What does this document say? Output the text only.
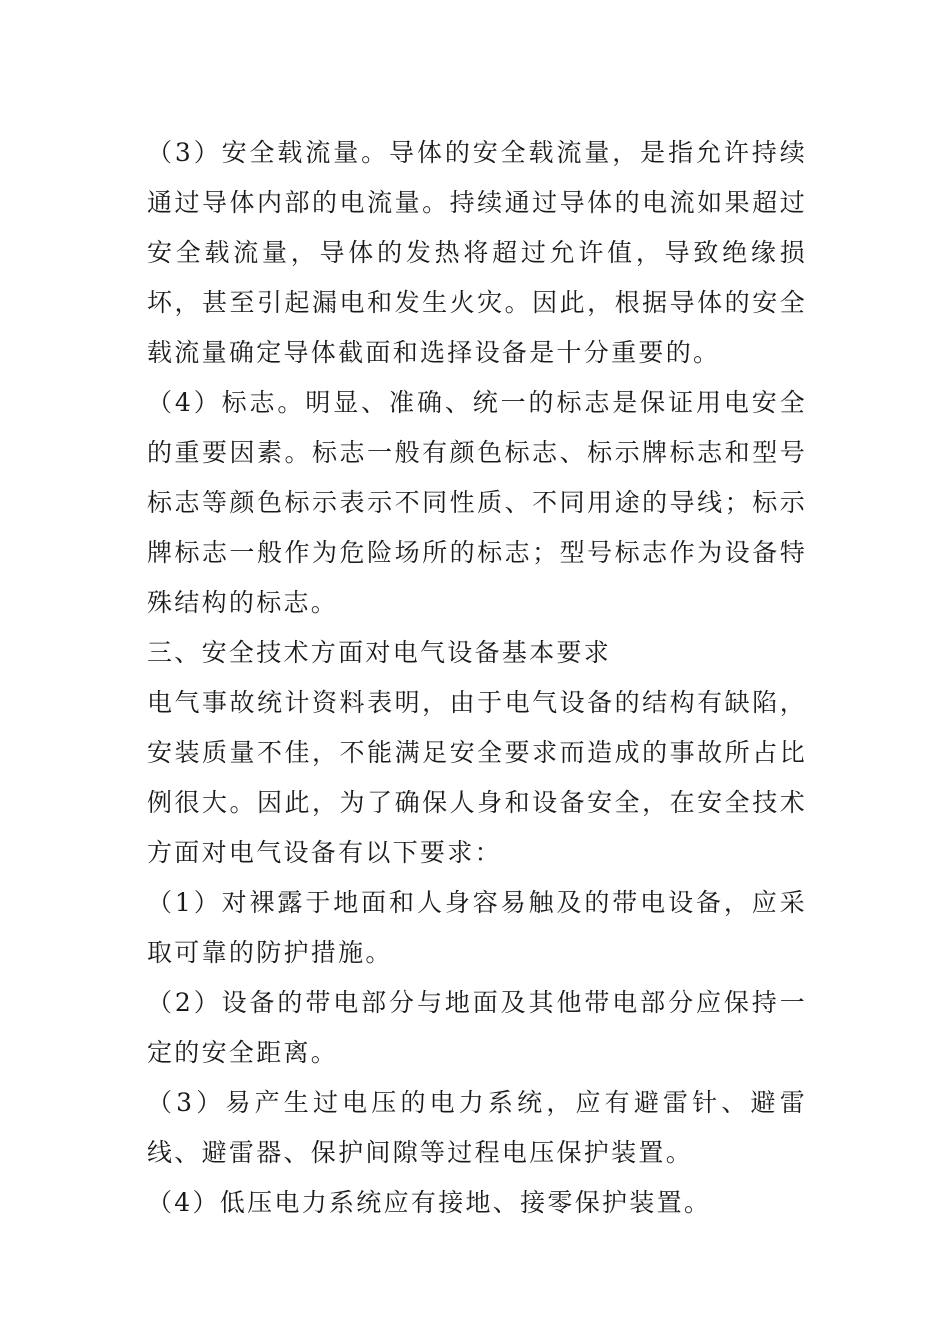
（3）安全载流量。导体的安全载流量，是指允许持续通过导体内部的电流量。持续通过导体的电流如果超过安全载流量，导体的发热将超过允许值，导致绝缘损坏，甚至引起漏电和发生火灾。因此，根据导体的安全载流量确定导体截面和选择设备是十分重要的。

（4）标志。明显、准确、统一的标志是保证用电安全的重要因素。标志一般有颜色标志、标示牌标志和型号标志等颜色标示表示不同性质、不同用途的导线；标示牌标志一般作为危险场所的标志；型号标志作为设备特殊结构的标志。

三、安全技术方面对电气设备基本要求

电气事故统计资料表明，由于电气设备的结构有缺陷，安装质量不佳，不能满足安全要求而造成的事故所占比例很大。因此，为了确保人身和设备安全，在安全技术方面对电气设备有以下要求：

（1）对裸露于地面和人身容易触及的带电设备，应采取可靠的防护措施。

（2）设备的带电部分与地面及其他带电部分应保持一定的安全距离。

（3）易产生过电压的电力系统，应有避雷针、避雷线、避雷器、保护间隙等过程电压保护装置。

（4）低压电力系统应有接地、接零保护装置。
